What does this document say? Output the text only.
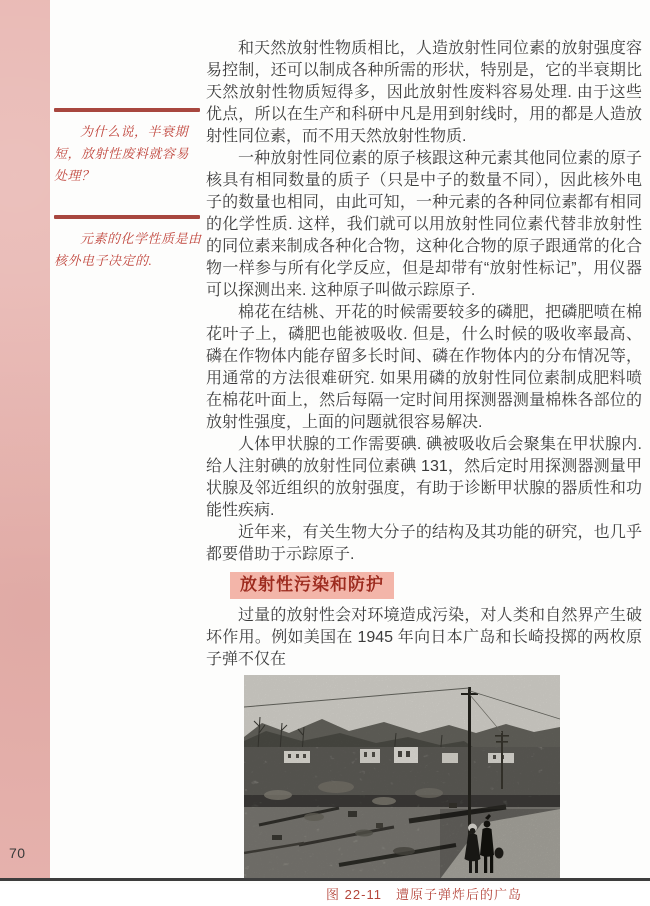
70

为什么说，半衰期短，放射性废料就容易处理？

元素的化学性质是由核外电子决定的.

和天然放射性物质相比，人造放射性同位素的放射强度容易控制，还可以制成各种所需的形状，特别是，它的半衰期比天然放射性物质短得多，因此放射性废料容易处理. 由于这些优点，所以在生产和科研中凡是用到射线时，用的都是人造放射性同位素，而不用天然放射性物质.

一种放射性同位素的原子核跟这种元素其他同位素的原子核具有相同数量的质子（只是中子的数量不同），因此核外电子的数量也相同，由此可知，一种元素的各种同位素都有相同的化学性质. 这样，我们就可以用放射性同位素代替非放射性的同位素来制成各种化合物，这种化合物的原子跟通常的化合物一样参与所有化学反应，但是却带有“放射性标记”，用仪器可以探测出来. 这种原子叫做示踪原子.

棉花在结桃、开花的时候需要较多的磷肥，把磷肥喷在棉花叶子上，磷肥也能被吸收. 但是，什么时候的吸收率最高、磷在作物体内能存留多长时间、磷在作物体内的分布情况等，用通常的方法很难研究. 如果用磷的放射性同位素制成肥料喷在棉花叶面上，然后每隔一定时间用探测器测量棉株各部位的放射性强度，上面的问题就很容易解决.

人体甲状腺的工作需要碘. 碘被吸收后会聚集在甲状腺内. 给人注射碘的放射性同位素碘 131，然后定时用探测器测量甲状腺及邻近组织的放射强度，有助于诊断甲状腺的器质性和功能性疾病.

近年来，有关生物大分子的结构及其功能的研究，也几乎都要借助于示踪原子.

放射性污染和防护

过量的放射性会对环境造成污染，对人类和自然界产生破坏作用。例如美国在 1945 年向日本广岛和长崎投掷的两枚原子弹不仅在

图 22-11　遭原子弹炸后的广岛
